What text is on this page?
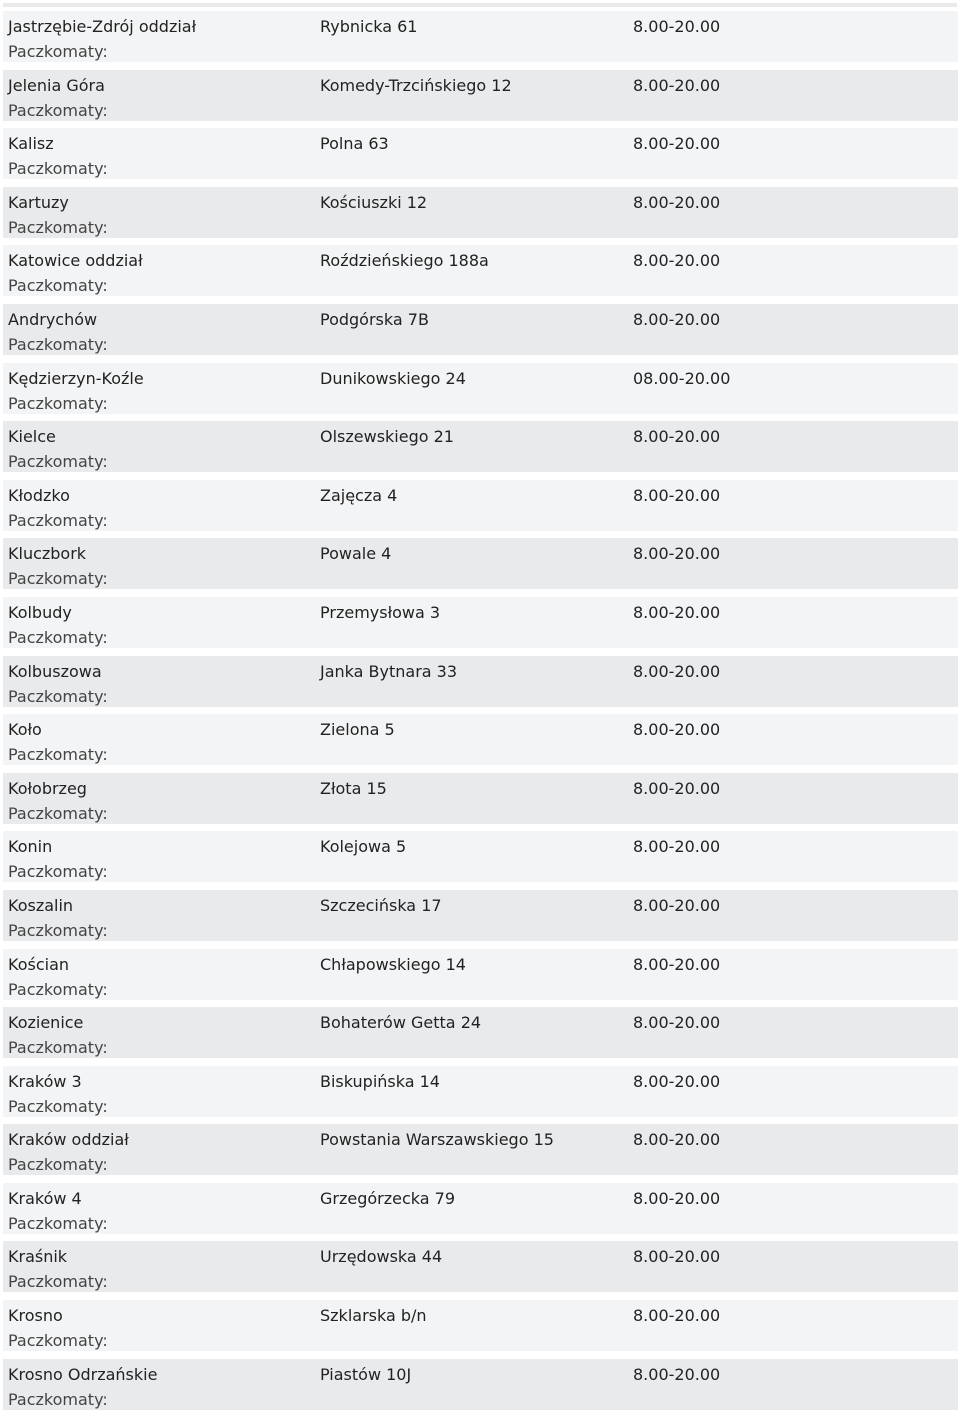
Jastrzębie-Zdrój oddział	Rybnicka 61	8.00-20.00
Paczkomaty:
Jelenia Góra	Komedy-Trzcińskiego 12	8.00-20.00
Paczkomaty:
Kalisz	Polna 63	8.00-20.00
Paczkomaty:
Kartuzy	Kościuszki 12	8.00-20.00
Paczkomaty:
Katowice oddział	Roździeńskiego 188a	8.00-20.00
Paczkomaty:
Andrychów	Podgórska 7B	8.00-20.00
Paczkomaty:
Kędzierzyn-Koźle	Dunikowskiego 24	08.00-20.00
Paczkomaty:
Kielce	Olszewskiego 21	8.00-20.00
Paczkomaty:
Kłodzko	Zajęcza 4	8.00-20.00
Paczkomaty:
Kluczbork	Powale 4	8.00-20.00
Paczkomaty:
Kolbudy	Przemysłowa 3	8.00-20.00
Paczkomaty:
Kolbuszowa	Janka Bytnara 33	8.00-20.00
Paczkomaty:
Koło	Zielona 5	8.00-20.00
Paczkomaty:
Kołobrzeg	Złota 15	8.00-20.00
Paczkomaty:
Konin	Kolejowa 5	8.00-20.00
Paczkomaty:
Koszalin	Szczecińska 17	8.00-20.00
Paczkomaty:
Kościan	Chłapowskiego 14	8.00-20.00
Paczkomaty:
Kozienice	Bohaterów Getta 24	8.00-20.00
Paczkomaty:
Kraków 3	Biskupińska 14	8.00-20.00
Paczkomaty:
Kraków oddział	Powstania Warszawskiego 15	8.00-20.00
Paczkomaty:
Kraków 4	Grzegórzecka 79	8.00-20.00
Paczkomaty:
Kraśnik	Urzędowska 44	8.00-20.00
Paczkomaty:
Krosno	Szklarska b/n	8.00-20.00
Paczkomaty:
Krosno Odrzańskie	Piastów 10J	8.00-20.00
Paczkomaty:
